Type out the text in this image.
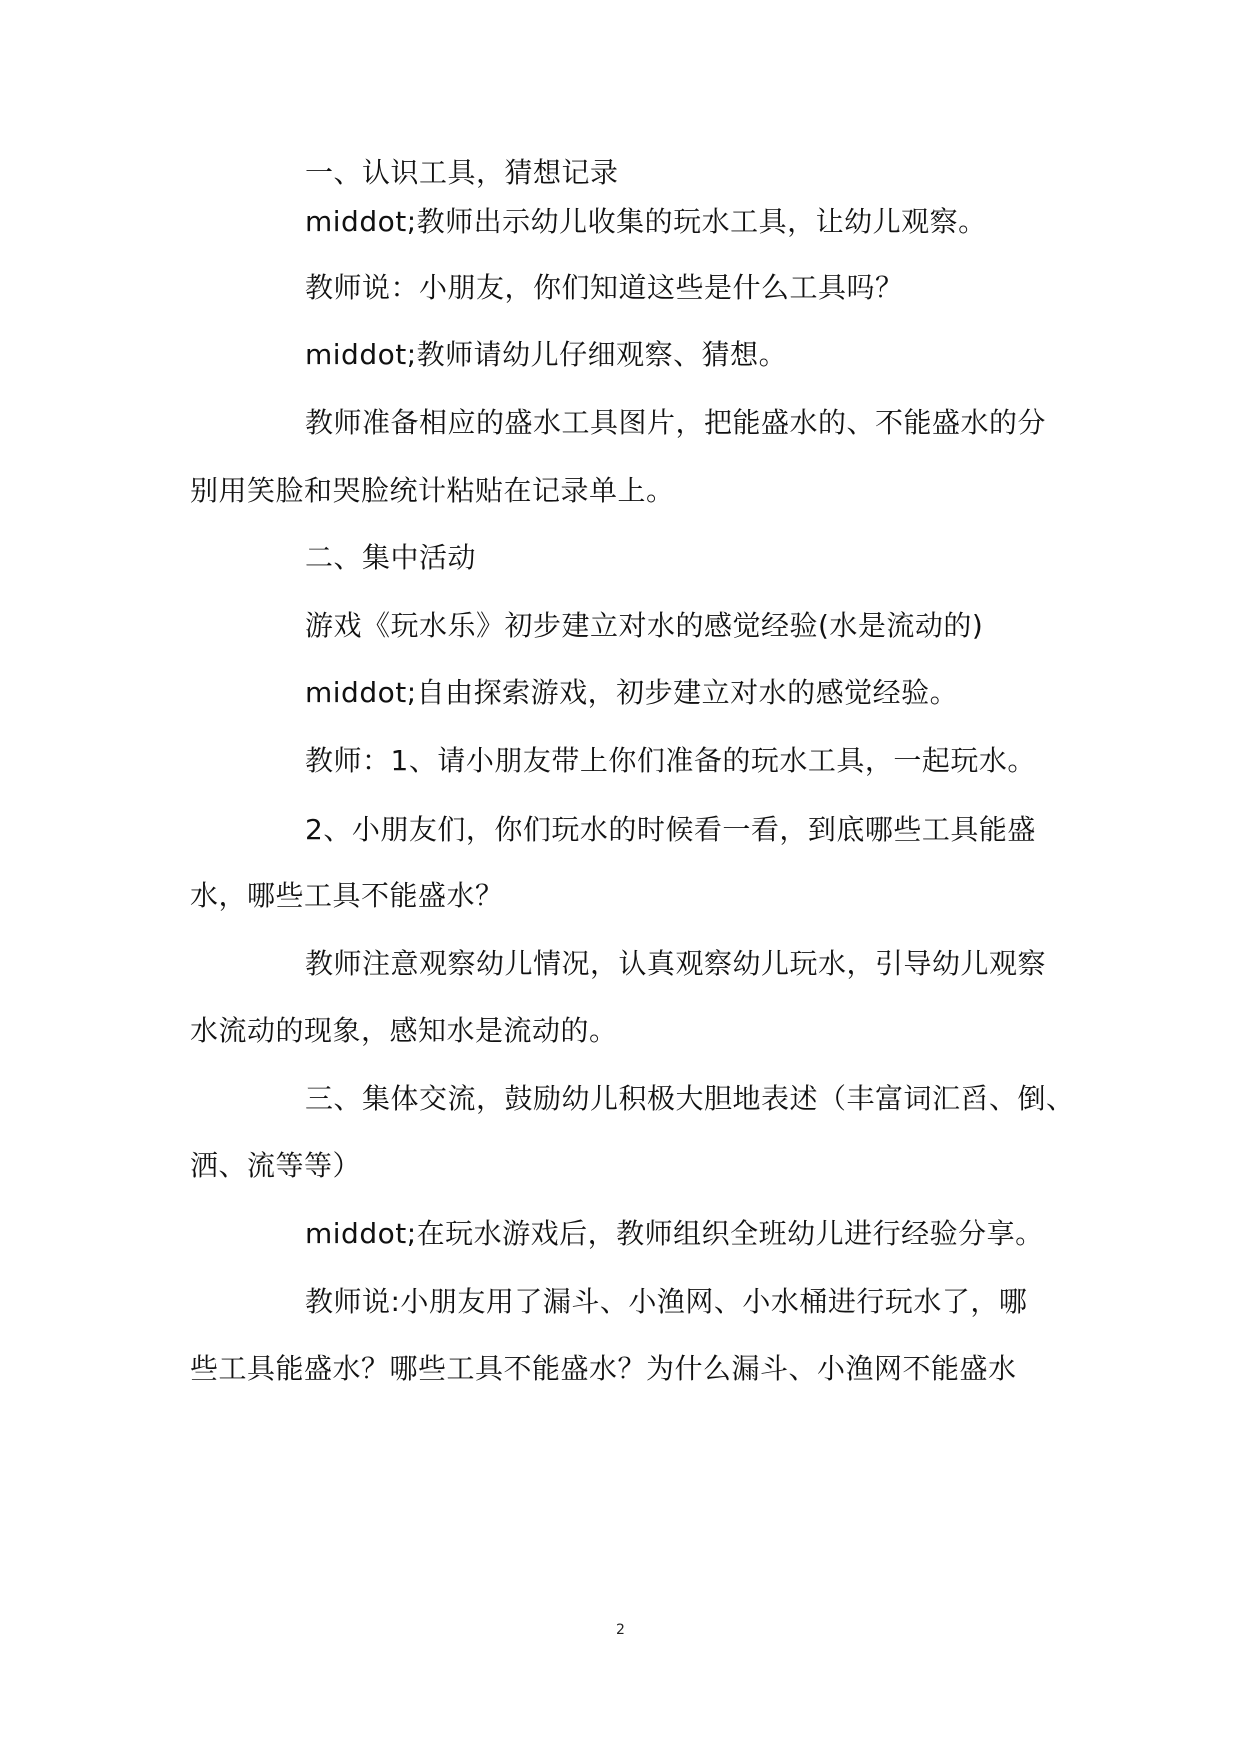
一、认识工具，猜想记录
middot;教师出示幼儿收集的玩水工具，让幼儿观察。
教师说：小朋友，你们知道这些是什么工具吗？
middot;教师请幼儿仔细观察、猜想。
教师准备相应的盛水工具图片，把能盛水的、不能盛水的分
别用笑脸和哭脸统计粘贴在记录单上。
二、集中活动
游戏《玩水乐》初步建立对水的感觉经验(水是流动的)
middot;自由探索游戏，初步建立对水的感觉经验。
教师：1、请小朋友带上你们准备的玩水工具，一起玩水。
2、小朋友们，你们玩水的时候看一看，到底哪些工具能盛
水，哪些工具不能盛水？
教师注意观察幼儿情况，认真观察幼儿玩水，引导幼儿观察
水流动的现象，感知水是流动的。
三、集体交流，鼓励幼儿积极大胆地表述（丰富词汇舀、倒、
洒、流等等）
middot;在玩水游戏后，教师组织全班幼儿进行经验分享。
教师说:小朋友用了漏斗、小渔网、小水桶进行玩水了，哪
些工具能盛水？哪些工具不能盛水？为什么漏斗、小渔网不能盛水
2
